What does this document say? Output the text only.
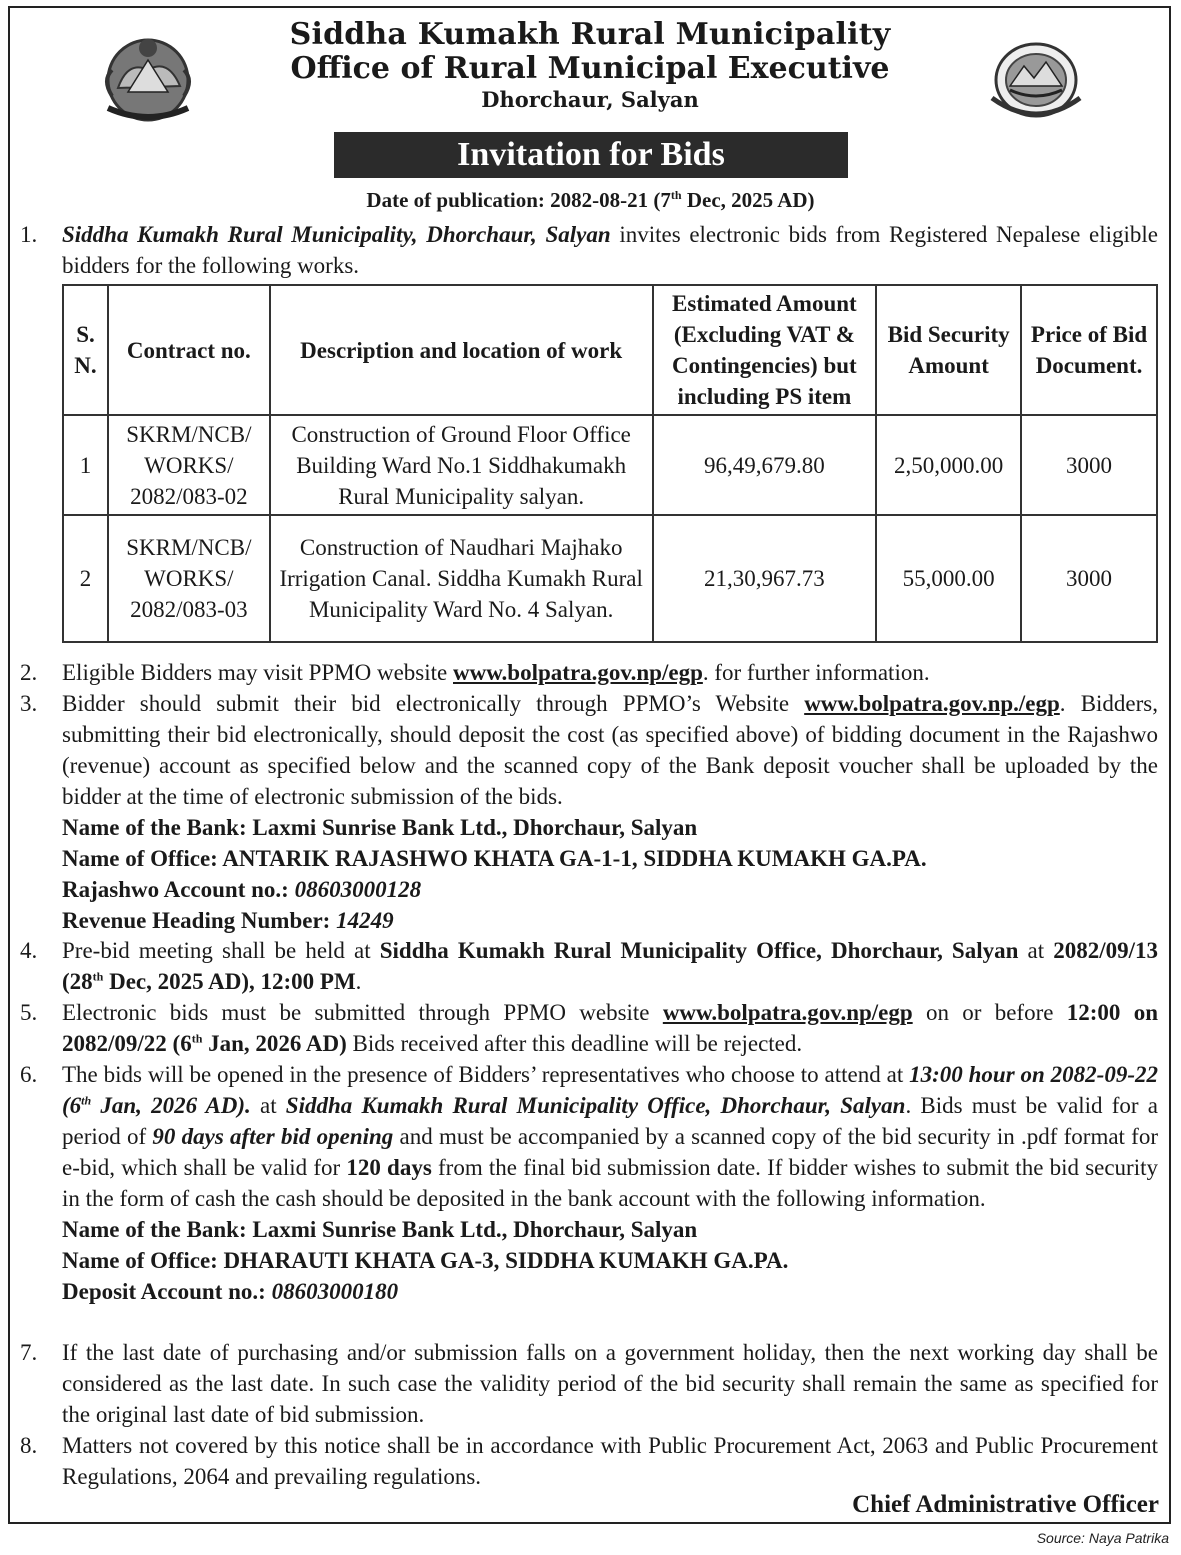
Siddha Kumakh Rural Municipality
Office of Rural Municipal Executive
Dhorchaur, Salyan
Invitation for Bids
Date of publication: 2082-08-21 (7th Dec, 2025 AD)
1.	Siddha Kumakh Rural Municipality, Dhorchaur, Salyan invites electronic bids from Registered Nepalese eligible bidders for the following works.
S. N.	Contract no.	Description and location of work	Estimated Amount (Excluding VAT & Contingencies) but including PS item	Bid Security Amount	Price of Bid Document.
1	SKRM/NCB/ WORKS/ 2082/083-02	Construction of Ground Floor Office Building Ward No.1 Siddhakumakh Rural Municipality salyan.	96,49,679.80	2,50,000.00	3000
2	SKRM/NCB/ WORKS/ 2082/083-03	Construction of Naudhari Majhako Irrigation Canal. Siddha Kumakh Rural Municipality Ward No. 4 Salyan.	21,30,967.73	55,000.00	3000
2.	Eligible Bidders may visit PPMO website www.bolpatra.gov.np/egp. for further information.
3.	Bidder should submit their bid electronically through PPMO’s Website www.bolpatra.gov.np./egp. Bidders, submitting their bid electronically, should deposit the cost (as specified above) of bidding document in the Rajashwo (revenue) account as specified below and the scanned copy of the Bank deposit voucher shall be uploaded by the bidder at the time of electronic submission of the bids.
Name of the Bank: Laxmi Sunrise Bank Ltd., Dhorchaur, Salyan
Name of Office: ANTARIK RAJASHWO KHATA GA-1-1, SIDDHA KUMAKH GA.PA.
Rajashwo Account no.: 08603000128
Revenue Heading Number: 14249
4.	Pre-bid meeting shall be held at Siddha Kumakh Rural Municipality Office, Dhorchaur, Salyan at 2082/09/13 (28th Dec, 2025 AD), 12:00 PM.
5.	Electronic bids must be submitted through PPMO website www.bolpatra.gov.np/egp on or before 12:00 on 2082/09/22 (6th Jan, 2026 AD) Bids received after this deadline will be rejected.
6.	The bids will be opened in the presence of Bidders’ representatives who choose to attend at 13:00 hour on 2082-09-22 (6th Jan, 2026 AD). at Siddha Kumakh Rural Municipality Office, Dhorchaur, Salyan. Bids must be valid for a period of 90 days after bid opening and must be accompanied by a scanned copy of the bid security in .pdf format for e-bid, which shall be valid for 120 days from the final bid submission date. If bidder wishes to submit the bid security in the form of cash the cash should be deposited in the bank account with the following information.
Name of the Bank: Laxmi Sunrise Bank Ltd., Dhorchaur, Salyan
Name of Office: DHARAUTI KHATA GA-3, SIDDHA KUMAKH GA.PA.
Deposit Account no.: 08603000180
7.	If the last date of purchasing and/or submission falls on a government holiday, then the next working day shall be considered as the last date. In such case the validity period of the bid security shall remain the same as specified for the original last date of bid submission.
8.	Matters not covered by this notice shall be in accordance with Public Procurement Act, 2063 and Public Procurement Regulations, 2064 and prevailing regulations.
Chief Administrative Officer
Source: Naya Patrika
